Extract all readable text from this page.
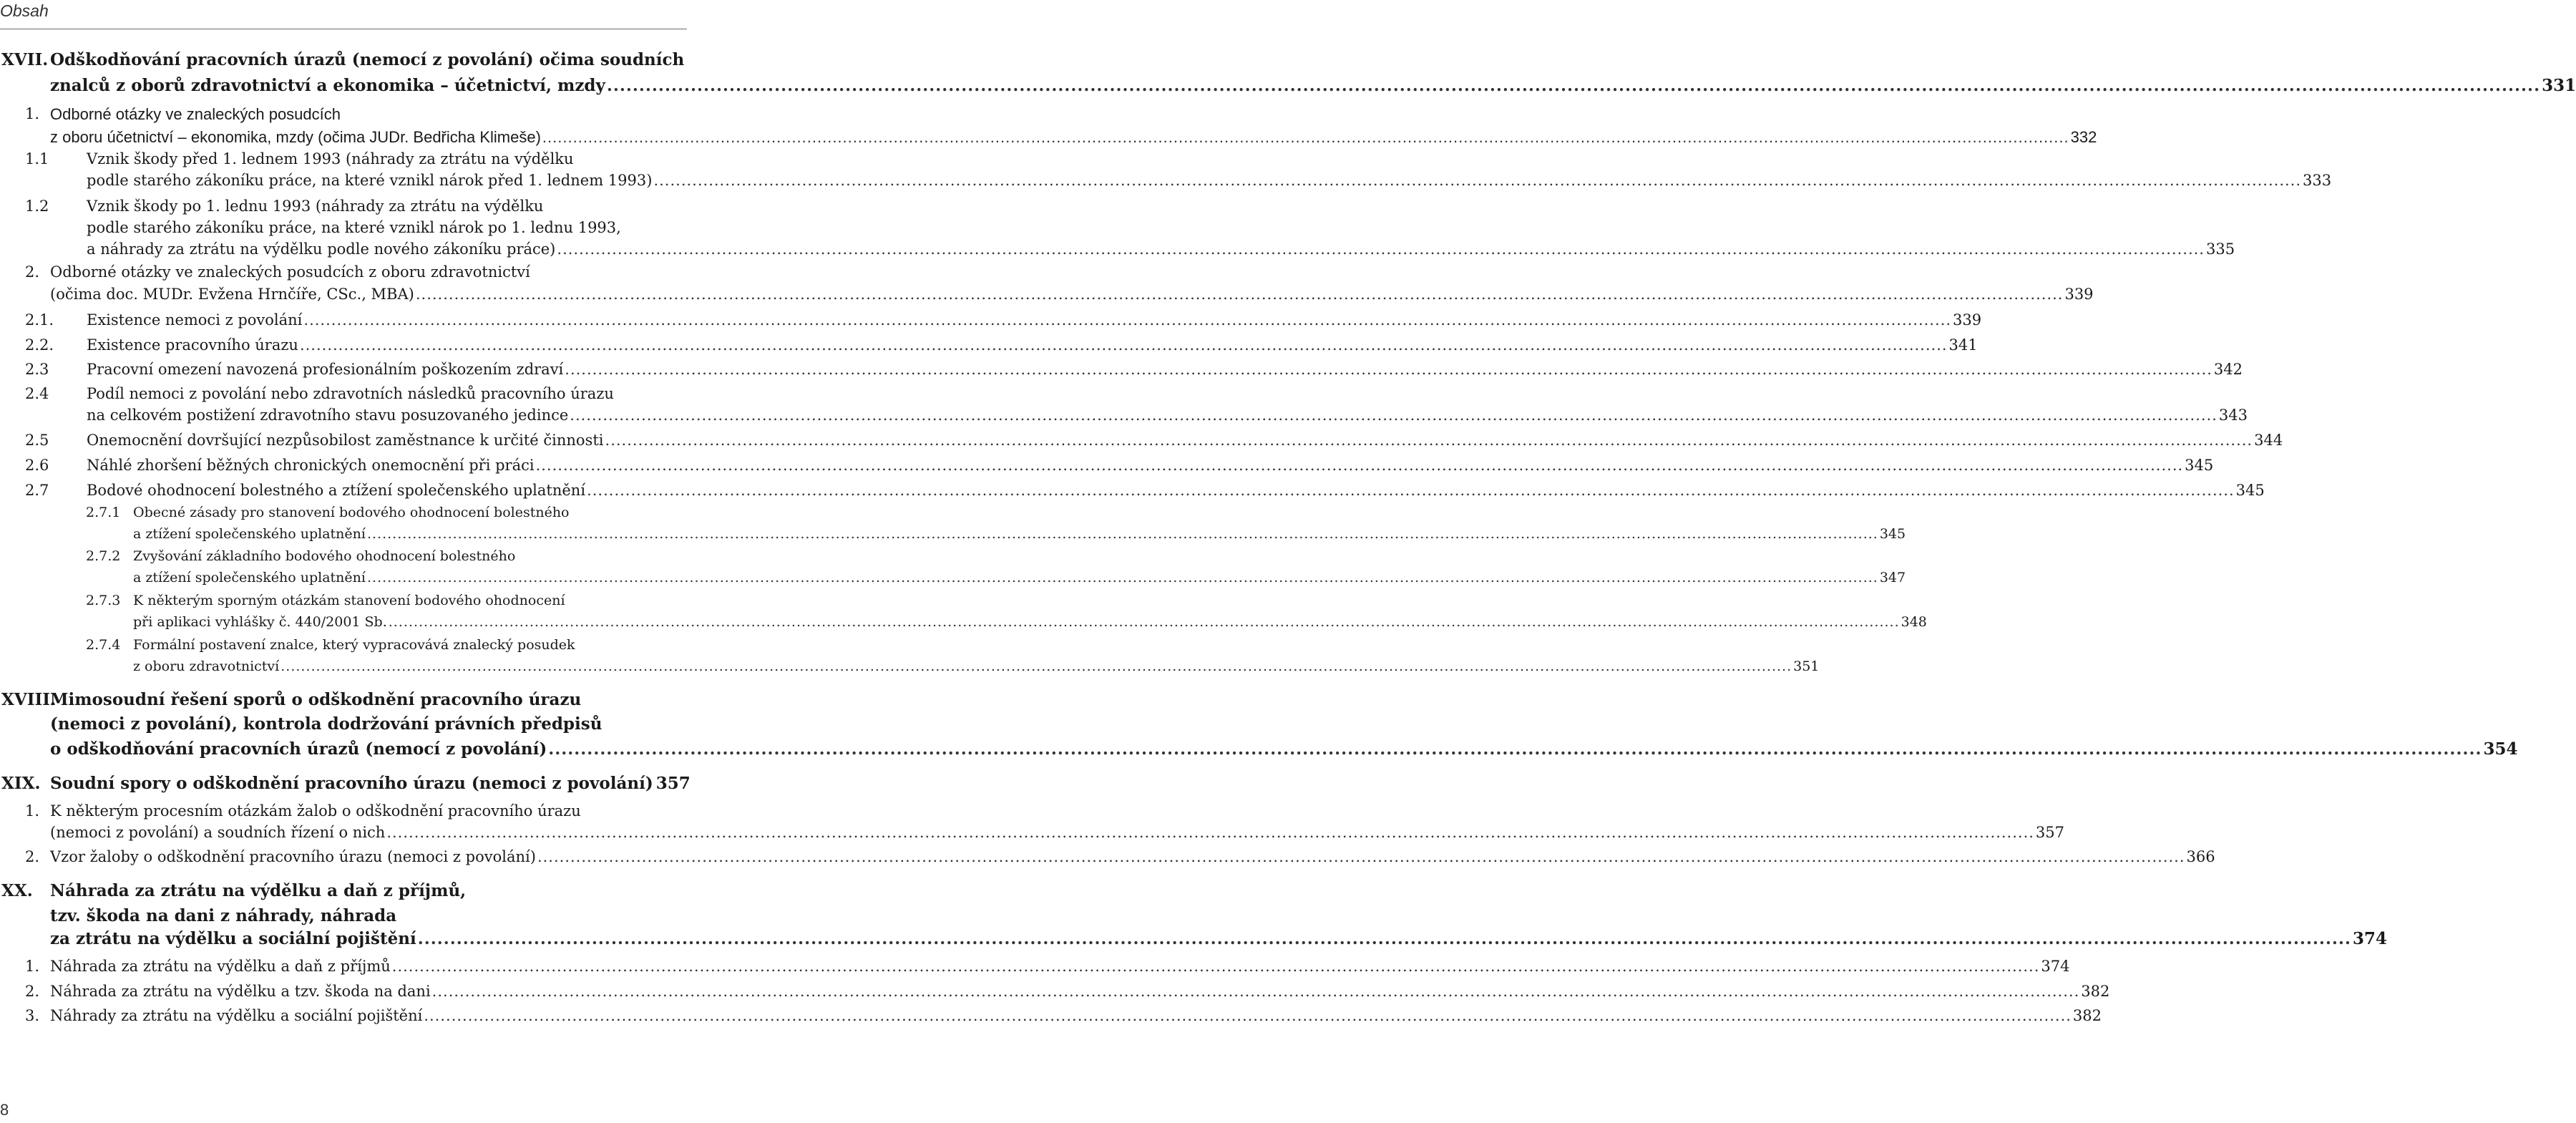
Obsah
XVII. Odškodňování pracovních úrazů (nemocí z povolání) očima soudních
znalců z oborů zdravotnictví a ekonomika – účetnictví, mzdy ............................................................................................................................................................................................................................................................................................................ 331
1. Odborné otázky ve znaleckých posudcích
z oboru účetnictví – ekonomika, mzdy (očima JUDr. Bedřicha Klimeše) ............................................................................................................................................................................................................................................................................................................ 332
1.1	Vznik škody před 1. lednem 1993 (náhrady za ztrátu na výdělku
podle starého zákoníku práce, na které vznikl nárok před 1. lednem 1993) ............................................................................................................................................................................................................................................................................................................ 333
1.2	Vznik škody po 1. lednu 1993 (náhrady za ztrátu na výdělku
podle starého zákoníku práce, na které vznikl nárok po 1. lednu 1993,
a náhrady za ztrátu na výdělku podle nového zákoníku práce) ............................................................................................................................................................................................................................................................................................................ 335
2. Odborné otázky ve znaleckých posudcích z oboru zdravotnictví
(očima doc. MUDr. Evžena Hrnčíře, CSc., MBA) ............................................................................................................................................................................................................................................................................................................ 339
2.1. Existence nemoci z povolání ............................................................................................................................................................................................................................................................................................................ 339
2.2. Existence pracovního úrazu ............................................................................................................................................................................................................................................................................................................ 341
2.3	Pracovní omezení navozená profesionálním poškozením zdraví ............................................................................................................................................................................................................................................................................................................ 342
2.4	Podíl nemoci z povolání nebo zdravotních následků pracovního úrazu
na celkovém postižení zdravotního stavu posuzovaného jedince ............................................................................................................................................................................................................................................................................................................ 343
2.5	Onemocnění dovršující nezpůsobilost zaměstnance k určité činnosti ............................................................................................................................................................................................................................................................................................................ 344
2.6	Náhlé zhoršení běžných chronických onemocnění při práci ............................................................................................................................................................................................................................................................................................................ 345
2.7	Bodové ohodnocení bolestného a ztížení společenského uplatnění ............................................................................................................................................................................................................................................................................................................ 345
2.7.1 Obecné zásady pro stanovení bodového ohodnocení bolestného
a ztížení společenského uplatnění ............................................................................................................................................................................................................................................................................................................ 345
2.7.2 Zvyšování základního bodového ohodnocení bolestného
a ztížení společenského uplatnění ............................................................................................................................................................................................................................................................................................................ 347
2.7.3 K některým sporným otázkám stanovení bodového ohodnocení
při aplikaci vyhlášky č. 440/2001 Sb. ............................................................................................................................................................................................................................................................................................................ 348
2.7.4 Formální postavení znalce, který vypracovává znalecký posudek
z oboru zdravotnictví ............................................................................................................................................................................................................................................................................................................ 351
XVIII.
Mimosoudní řešení sporů o odškodnění pracovního úrazu
(nemoci z povolání), kontrola dodržování právních předpisů
o odškodňování pracovních úrazů (nemocí z povolání) ............................................................................................................................................................................................................................................................................................................ 354
XIX. Soudní spory o odškodnění pracovního úrazu (nemoci z povolání) 357
1. K některým procesním otázkám žalob o odškodnění pracovního úrazu
(nemoci z povolání) a soudních řízení o nich ............................................................................................................................................................................................................................................................................................................ 357
2. Vzor žaloby o odškodnění pracovního úrazu (nemoci z povolání) ............................................................................................................................................................................................................................................................................................................ 366
XX. Náhrada za ztrátu na výdělku a daň z příjmů,
tzv. škoda na dani z náhrady, náhrada
za ztrátu na výdělku a sociální pojištění ............................................................................................................................................................................................................................................................................................................ 374
1. Náhrada za ztrátu na výdělku a daň z příjmů ............................................................................................................................................................................................................................................................................................................ 374
2. Náhrada za ztrátu na výdělku a tzv. škoda na dani ............................................................................................................................................................................................................................................................................................................ 382
3. Náhrady za ztrátu na výdělku a sociální pojištění ............................................................................................................................................................................................................................................................................................................ 382
8
